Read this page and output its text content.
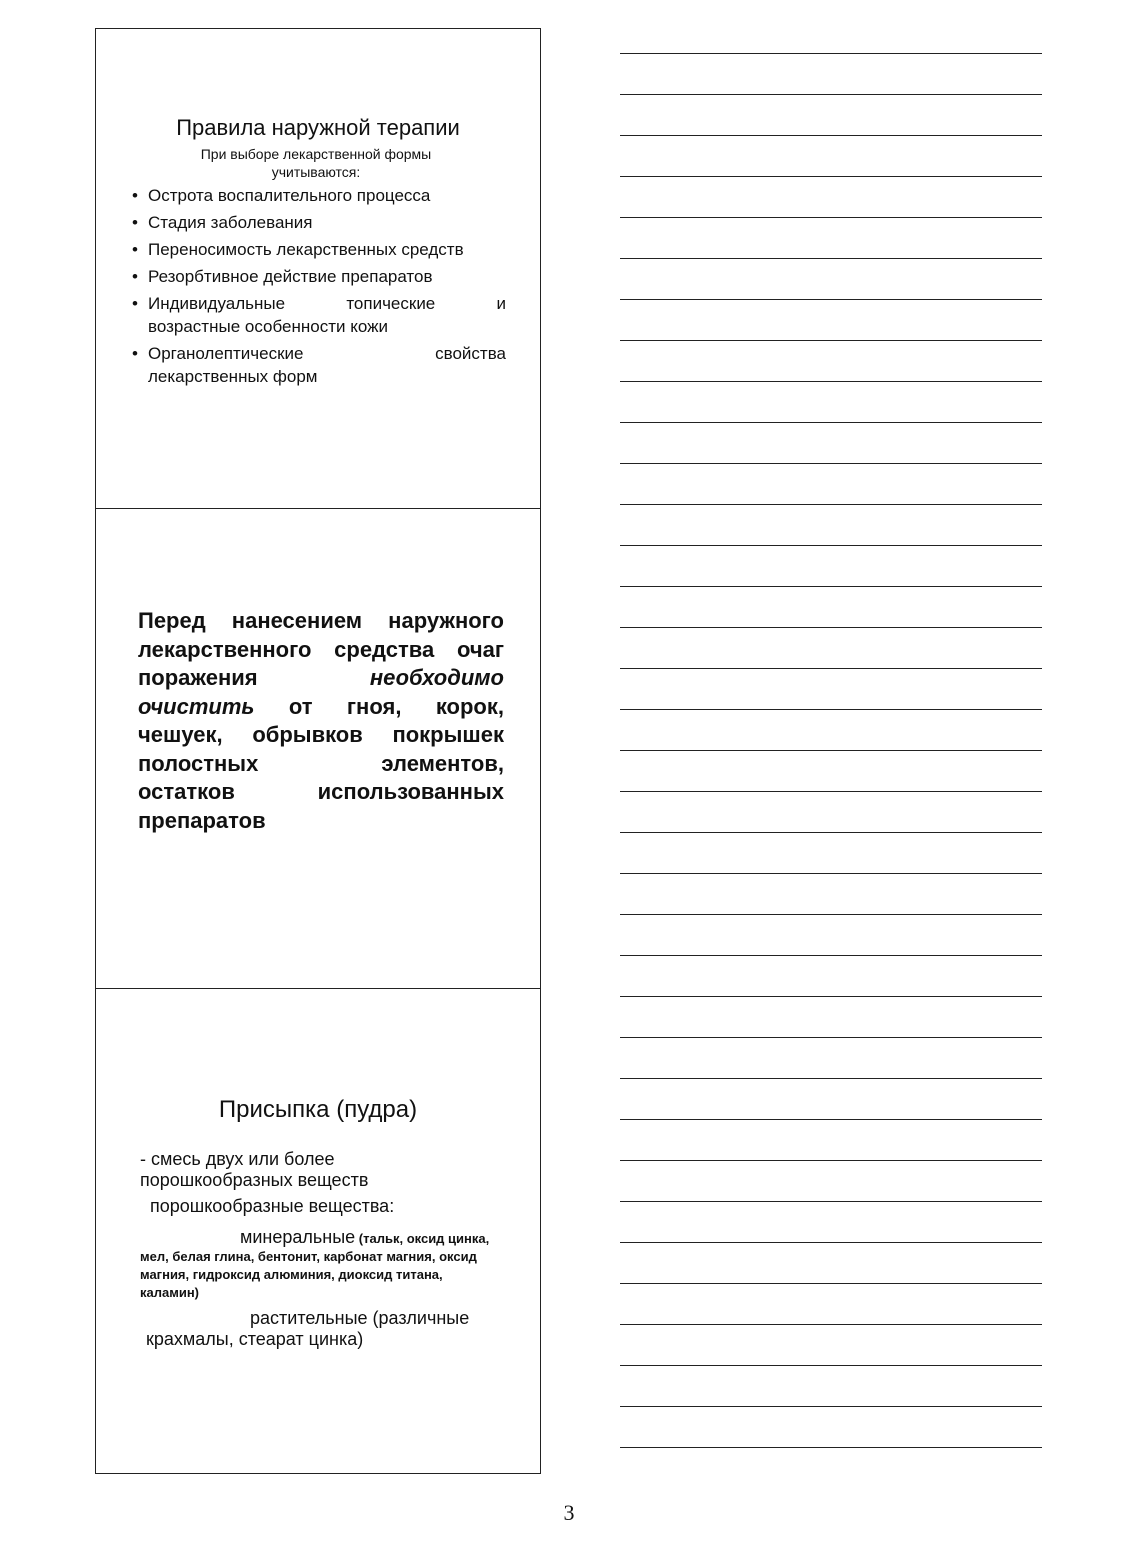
Правила наружной терапии
При выборе лекарственной формы
учитываются:
• Острота воспалительного процесса
• Стадия заболевания
• Переносимость лекарственных средств
• Резорбтивное действие препаратов
• Индивидуальные	топические	и
возрастные особенности кожи
• Органолептические	свойства
лекарственных форм
Перед нанесением наружного
лекарственного средства очаг
поражения	необходимо
очистить от гноя, корок,
чешуек, обрывков покрышек
полостных	элементов,
остатков	использованных
препаратов
Присыпка (пудра)
- смесь двух или более
порошкообразных веществ
порошкообразные вещества:
минеральные (тальк, оксид цинка, мел, белая глина, бентонит, карбонат магния, оксид магния, гидроксид алюминия, диоксид титана, каламин)
растительные (различные крахмалы, стеарат цинка)
3
